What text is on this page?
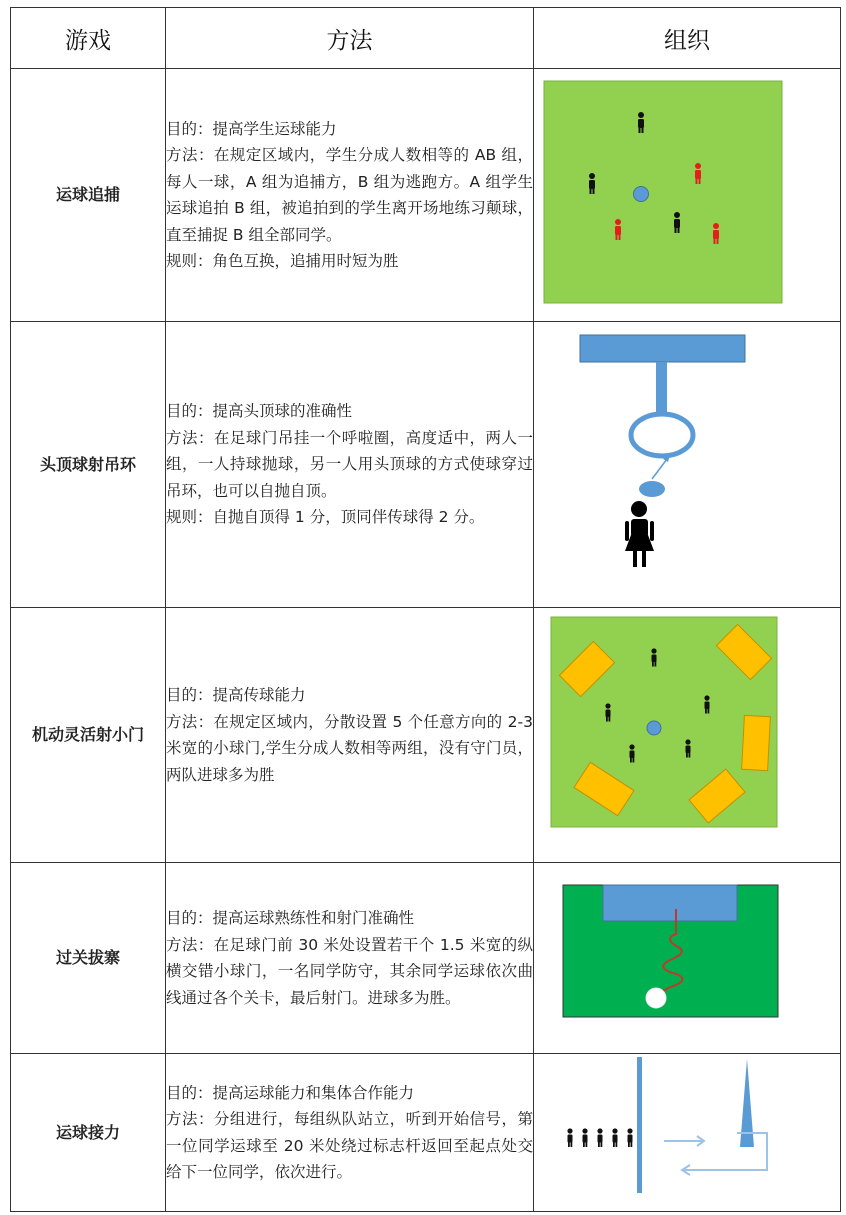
游戏	方法	组织
运球追捕	目的：提高学生运球能力

方法：在规定区域内，学生分成人数相等的 AB 组，每人一球，A 组为追捕方，B 组为逃跑方。A 组学生运球追拍 B 组，被追拍到的学生离开场地练习颠球，直至捕捉 B 组全部同学。

规则：角色互换，追捕用时短为胜

头顶球射吊环	目的：提高头顶球的准确性

方法：在足球门吊挂一个呼啦圈，高度适中，两人一组，一人持球抛球，另一人用头顶球的方式使球穿过吊环，也可以自抛自顶。

规则：自抛自顶得 1 分，顶同伴传球得 2 分。

机动灵活射小门	目的：提高传球能力

方法：在规定区域内，分散设置 5 个任意方向的 2-3 米宽的小球门,学生分成人数相等两组，没有守门员，两队进球多为胜

过关拔寨	目的：提高运球熟练性和射门准确性

方法：在足球门前 30 米处设置若干个 1.5 米宽的纵横交错小球门，一名同学防守，其余同学运球依次曲线通过各个关卡，最后射门。进球多为胜。

运球接力	目的：提高运球能力和集体合作能力

方法：分组进行，每组纵队站立，听到开始信号，第一位同学运球至 20 米处绕过标志杆返回至起点处交给下一位同学，依次进行。
